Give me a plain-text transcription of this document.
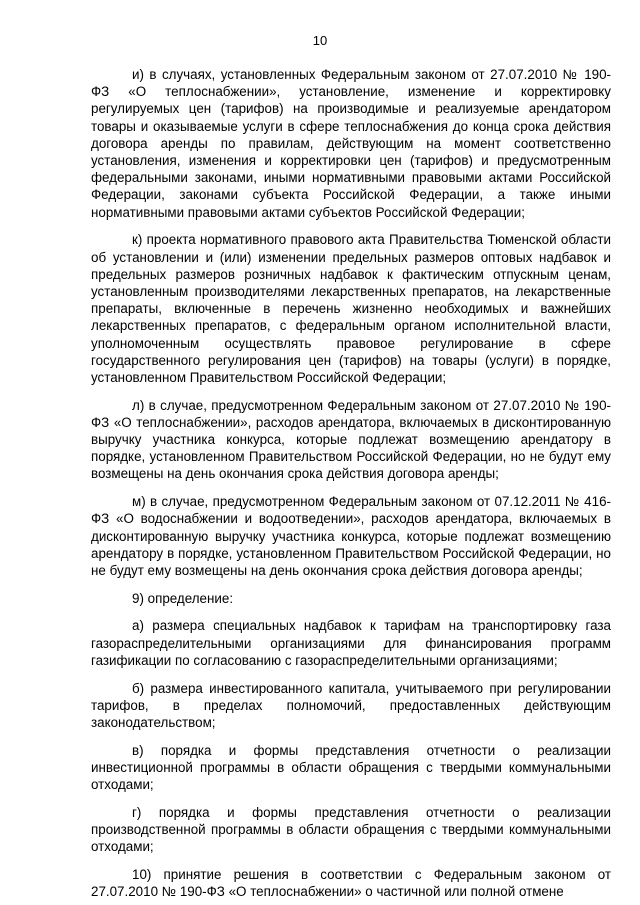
10

и) в случаях, установленных Федеральным законом от 27.07.2010 № 190-ФЗ «О теплоснабжении», установление, изменение и корректировку регулируемых цен (тарифов) на производимые и реализуемые арендатором товары и оказываемые услуги в сфере теплоснабжения до конца срока действия договора аренды по правилам, действующим на момент соответственно установления, изменения и корректировки цен (тарифов) и предусмотренным федеральными законами, иными нормативными правовыми актами Российской Федерации, законами субъекта Российской Федерации, а также иными нормативными правовыми актами субъектов Российской Федерации;

к) проекта нормативного правового акта Правительства Тюменской области об установлении и (или) изменении предельных размеров оптовых надбавок и предельных размеров розничных надбавок к фактическим отпускным ценам, установленным производителями лекарственных препаратов, на лекарственные препараты, включенные в перечень жизненно необходимых и важнейших лекарственных препаратов, с федеральным органом исполнительной власти, уполномоченным осуществлять правовое регулирование в сфере государственного регулирования цен (тарифов) на товары (услуги) в порядке, установленном Правительством Российской Федерации;

л) в случае, предусмотренном Федеральным законом от 27.07.2010 № 190-ФЗ «О теплоснабжении», расходов арендатора, включаемых в дисконтированную выручку участника конкурса, которые подлежат возмещению арендатору в порядке, установленном Правительством Российской Федерации, но не будут ему возмещены на день окончания срока действия договора аренды;

м) в случае, предусмотренном Федеральным законом от 07.12.2011 № 416-ФЗ «О водоснабжении и водоотведении», расходов арендатора, включаемых в дисконтированную выручку участника конкурса, которые подлежат возмещению арендатору в порядке, установленном Правительством Российской Федерации, но не будут ему возмещены на день окончания срока действия договора аренды;

9) определение:

а) размера специальных надбавок к тарифам на транспортировку газа газораспределительными организациями для финансирования программ газификации по согласованию с газораспределительными организациями;

б) размера инвестированного капитала, учитываемого при регулировании тарифов, в пределах полномочий, предоставленных действующим законодательством;

в) порядка и формы представления отчетности о реализации инвестиционной программы в области обращения с твердыми коммунальными отходами;

г) порядка и формы представления отчетности о реализации производственной программы в области обращения с твердыми коммунальными отходами;

10) принятие решения в соответствии с Федеральным законом от 27.07.2010 № 190-ФЗ «О теплоснабжении» о частичной или полной отмене
